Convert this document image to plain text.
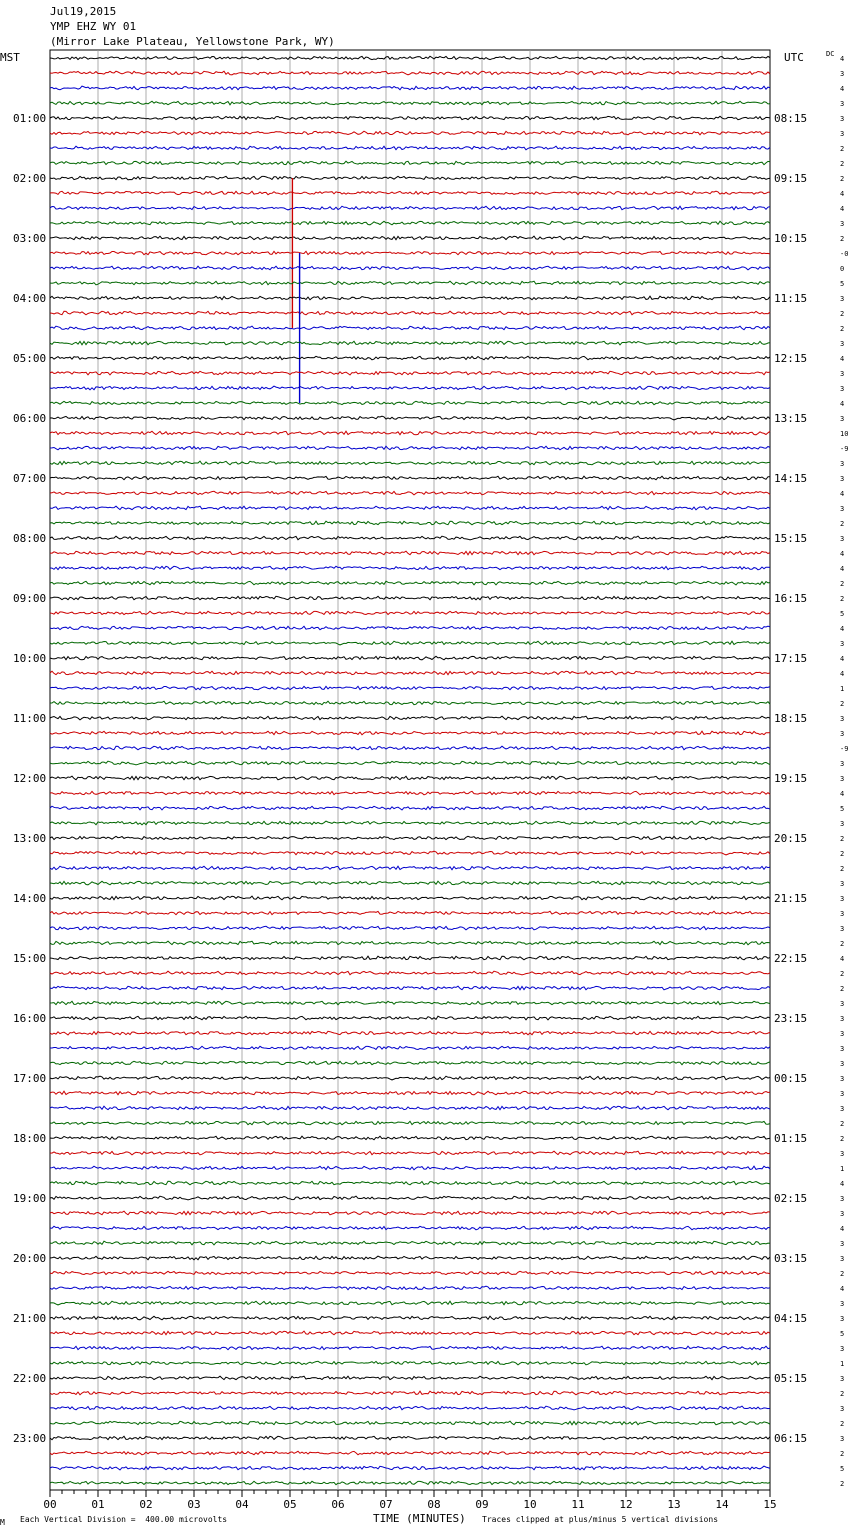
Jul19,2015
YMP EHZ WY 01
(Mirror Lake Plateau, Yellowstone Park, WY)
MST	UTC	DC
4
3
4
3
3
3
2
2
2
4
4
3
2
-0
0
5
3
2
2
3
4
3
3
4
3
10
-9
3
3
4
3
2
3
4
4
2
2
5
4
3
4
4
1
2
3
3
-9
3
3
4
5
3
2
2
2
3
3
3
3
2
4
2
2
3
3
3
3
3
3
3
3
2
2
3
1
4
3
3
4
3
3
2
4
3
3
5
3
1
3
2
3
2
3
2
5
2
01:00	08:15
02:00	09:15
03:00	10:15
04:00	11:15
05:00	12:15
06:00	13:15
07:00	14:15
08:00	15:15
09:00	16:15
10:00	17:15
11:00	18:15
12:00	19:15
13:00	20:15
14:00	21:15
15:00	22:15
16:00	23:15
17:00	00:15
18:00	01:15
19:00	02:15
20:00	03:15
21:00	04:15
22:00	05:15
23:00	06:15
00	01	02	03	04	05	06	07	08	09	10	11	12	13	14	15
TIME (MINUTES)
M Each Vertical Division =  400.00 microvolts	Traces clipped at plus/minus 5 vertical divisions
